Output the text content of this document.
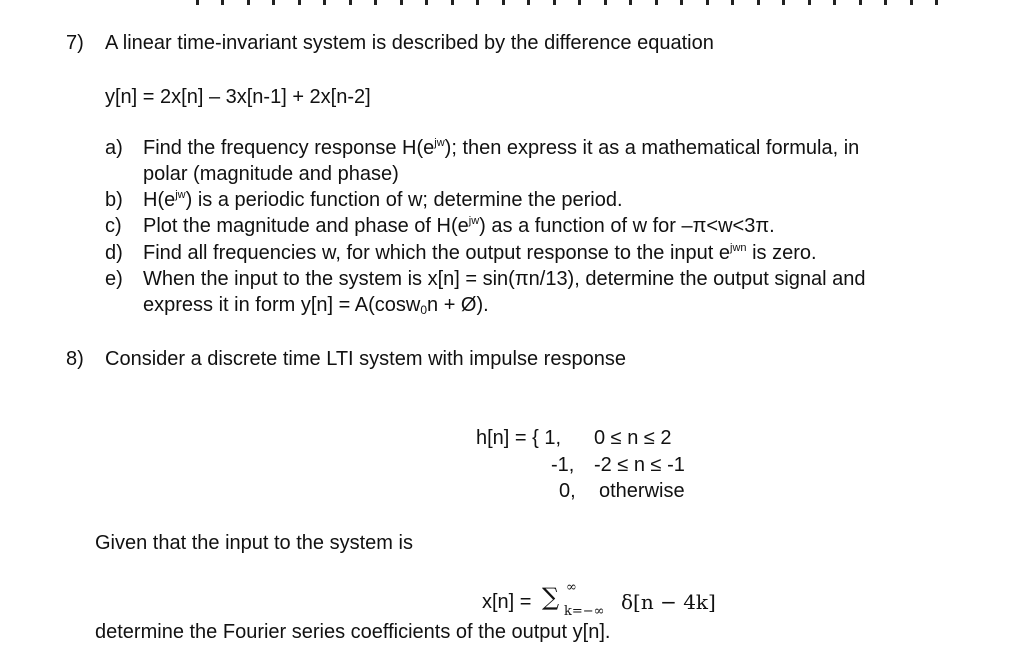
7) A linear time-invariant system is described by the difference equation
y[n] = 2x[n] – 3x[n-1] + 2x[n-2]
a) Find the frequency response $H(e^{jw})$; then express it as a mathematical formula, in
polar (magnitude and phase)
b) $H(e^{jw})$ is a periodic function of w; determine the period.
c) Plot the magnitude and phase of $H(e^{jw})$ as a function of w for –π<w<3π.
d) Find all frequencies w, for which the output response to the input $e^{jwn}$ is zero.
e) When the input to the system is x[n] = sin(πn/13), determine the output signal and
express it in form y[n] = A(cosw$_0$n + Ø).
8) Consider a discrete time LTI system with impulse response
h[n] = { 1, 0 ≤ n ≤ 2
-1, -2 ≤ n ≤ -1
0, otherwise
Given that the input to the system is
x[n] = ∑ ∞
k=−∞ δ[n − 4k]
determine the Fourier series coefficients of the output y[n].
